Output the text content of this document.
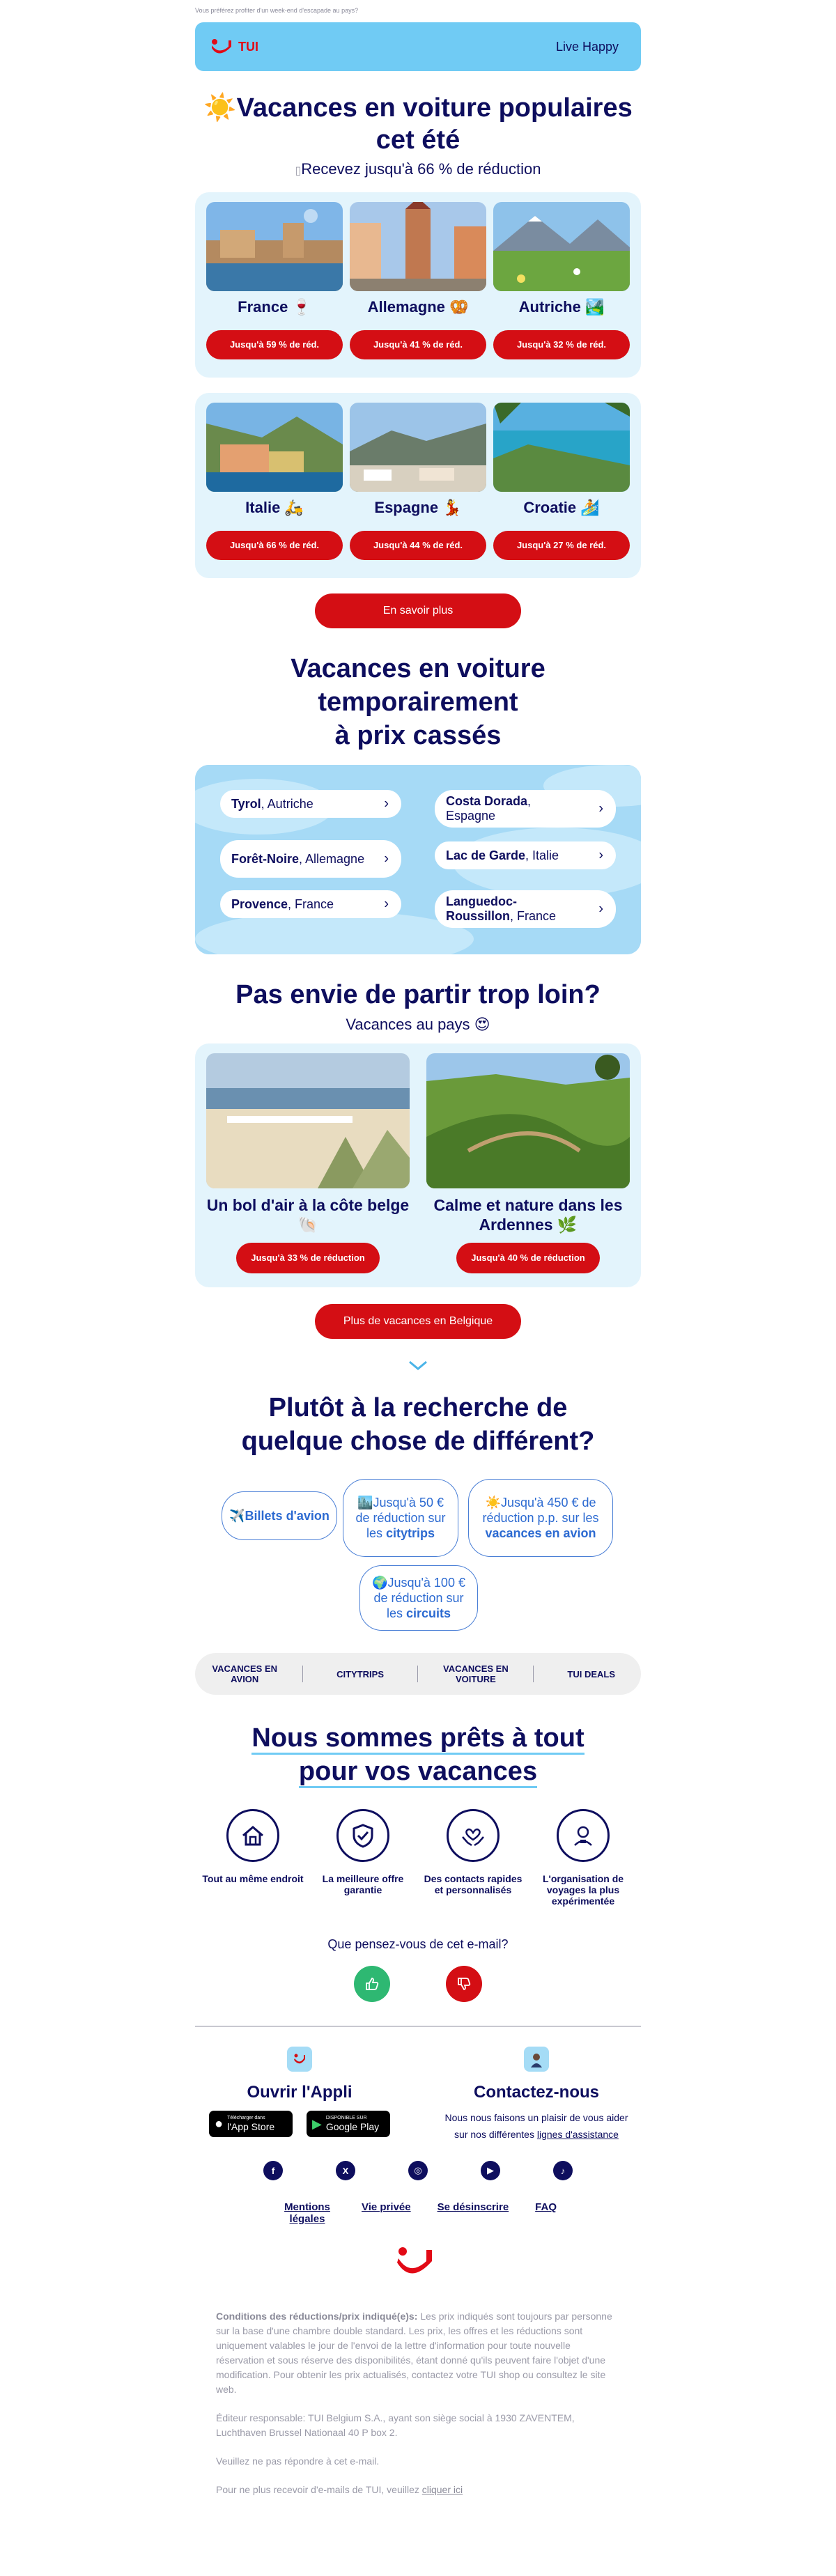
Vous préférez profiter d'un week-end d'escapade au pays?
TUI	Live Happy
☀️Vacances en voiture populaires cet été
▯Recevez jusqu'à 66 % de réduction
France 🍷
Jusqu'à 59 % de réd.
Allemagne 🥨
Jusqu'à 41 % de réd.
Autriche 🏞️
Jusqu'à 32 % de réd.
Italie 🛵
Jusqu'à 66 % de réd.
Espagne 💃
Jusqu'à 44 % de réd.
Croatie 🏄
Jusqu'à 27 % de réd.
En savoir plus
Vacances en voiture
temporairement
à prix cassés
Tyrol, Autriche	›	Costa Dorada, Espagne	›
Forêt-Noire, Allemagne ›	Lac de Garde, Italie	›
Provence, France	›	Languedoc-Roussillon, France	›
Pas envie de partir trop loin?
Vacances au pays 😍
Un bol d'air à la côte belge 🐚
Jusqu'à 33 % de réduction
Calme et nature dans les Ardennes 🌿
Jusqu'à 40 % de réduction
Plus de vacances en Belgique
Plutôt à la recherche de
quelque chose de différent?
✈️Billets d'avion
🏙️Jusqu'à 50 € de réduction sur les citytrips
☀️Jusqu'à 450 € de réduction p.p. sur les vacances en avion
🌍Jusqu'à 100 € de réduction sur les circuits
VACANCES EN AVION	CITYTRIPS	VACANCES EN VOITURE	TUI DEALS
Nous sommes prêts à tout
pour vos vacances
Tout au même endroit	La meilleure offre garantie
Des contacts rapides et personnalisés
L'organisation de voyages la plus expérimentée
Que pensez-vous de cet e-mail?
Ouvrir l'Appli
● Télécharger dans
l'App Store	▶ DISPONIBLE SUR
Google Play
Contactez-nous
Nous nous faisons un plaisir de vous aider sur nos différentes lignes d'assistance
f	X	◎	▶	♪
Mentions légales
Vie privée	Se désinscrire	FAQ
Conditions des réductions/prix indiqué(e)s: Les prix indiqués sont toujours par personne sur la base d'une chambre double standard. Les prix, les offres et les réductions sont uniquement valables le jour de l'envoi de la lettre d'information pour toute nouvelle réservation et sous réserve des disponibilités, étant donné qu'ils peuvent faire l'objet d'une modification. Pour obtenir les prix actualisés, contactez votre TUI shop ou consultez le site web.
Éditeur responsable: TUI Belgium S.A., ayant son siège social à 1930 ZAVENTEM, Luchthaven Brussel Nationaal 40 P box 2.
Veuillez ne pas répondre à cet e-mail.
Pour ne plus recevoir d'e-mails de TUI, veuillez cliquer ici
